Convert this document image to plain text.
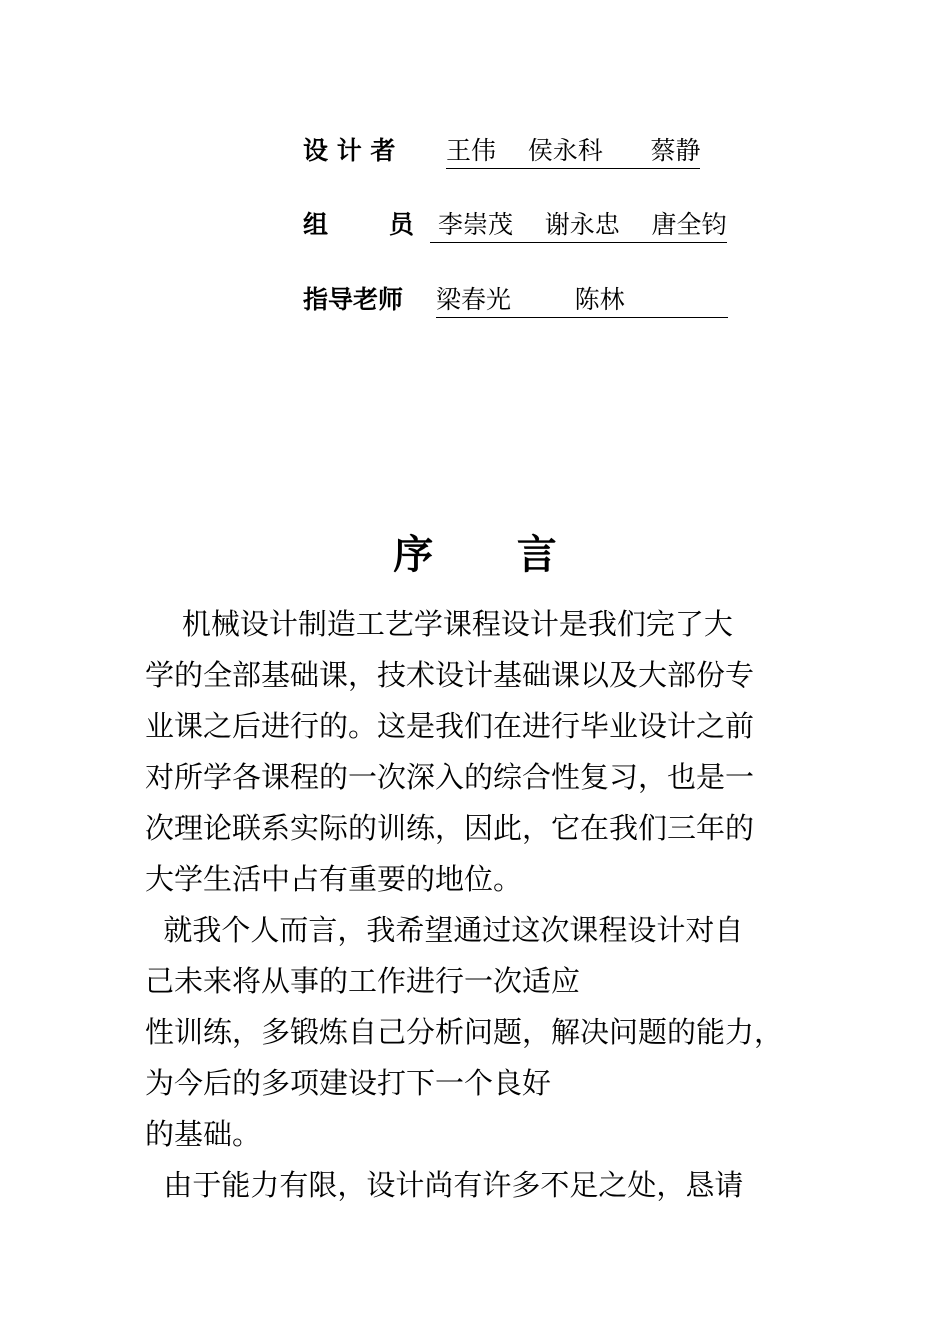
设 计 者 王伟    侯永科      蔡静
组       员 李崇茂    谢永忠    唐全钧
指导老师 梁春光        陈林
序      言
机械设计制造工艺学课程设计是我们完了大
学的全部基础课，技术设计基础课以及大部份专
业课之后进行的。这是我们在进行毕业设计之前
对所学各课程的一次深入的综合性复习，也是一
次理论联系实际的训练，因此，它在我们三年的
大学生活中占有重要的地位。
就我个人而言，我希望通过这次课程设计对自
己未来将从事的工作进行一次适应
性训练，多锻炼自己分析问题，解决问题的能力，
为今后的多项建设打下一个良好
的基础。
由于能力有限，设计尚有许多不足之处，恳请
